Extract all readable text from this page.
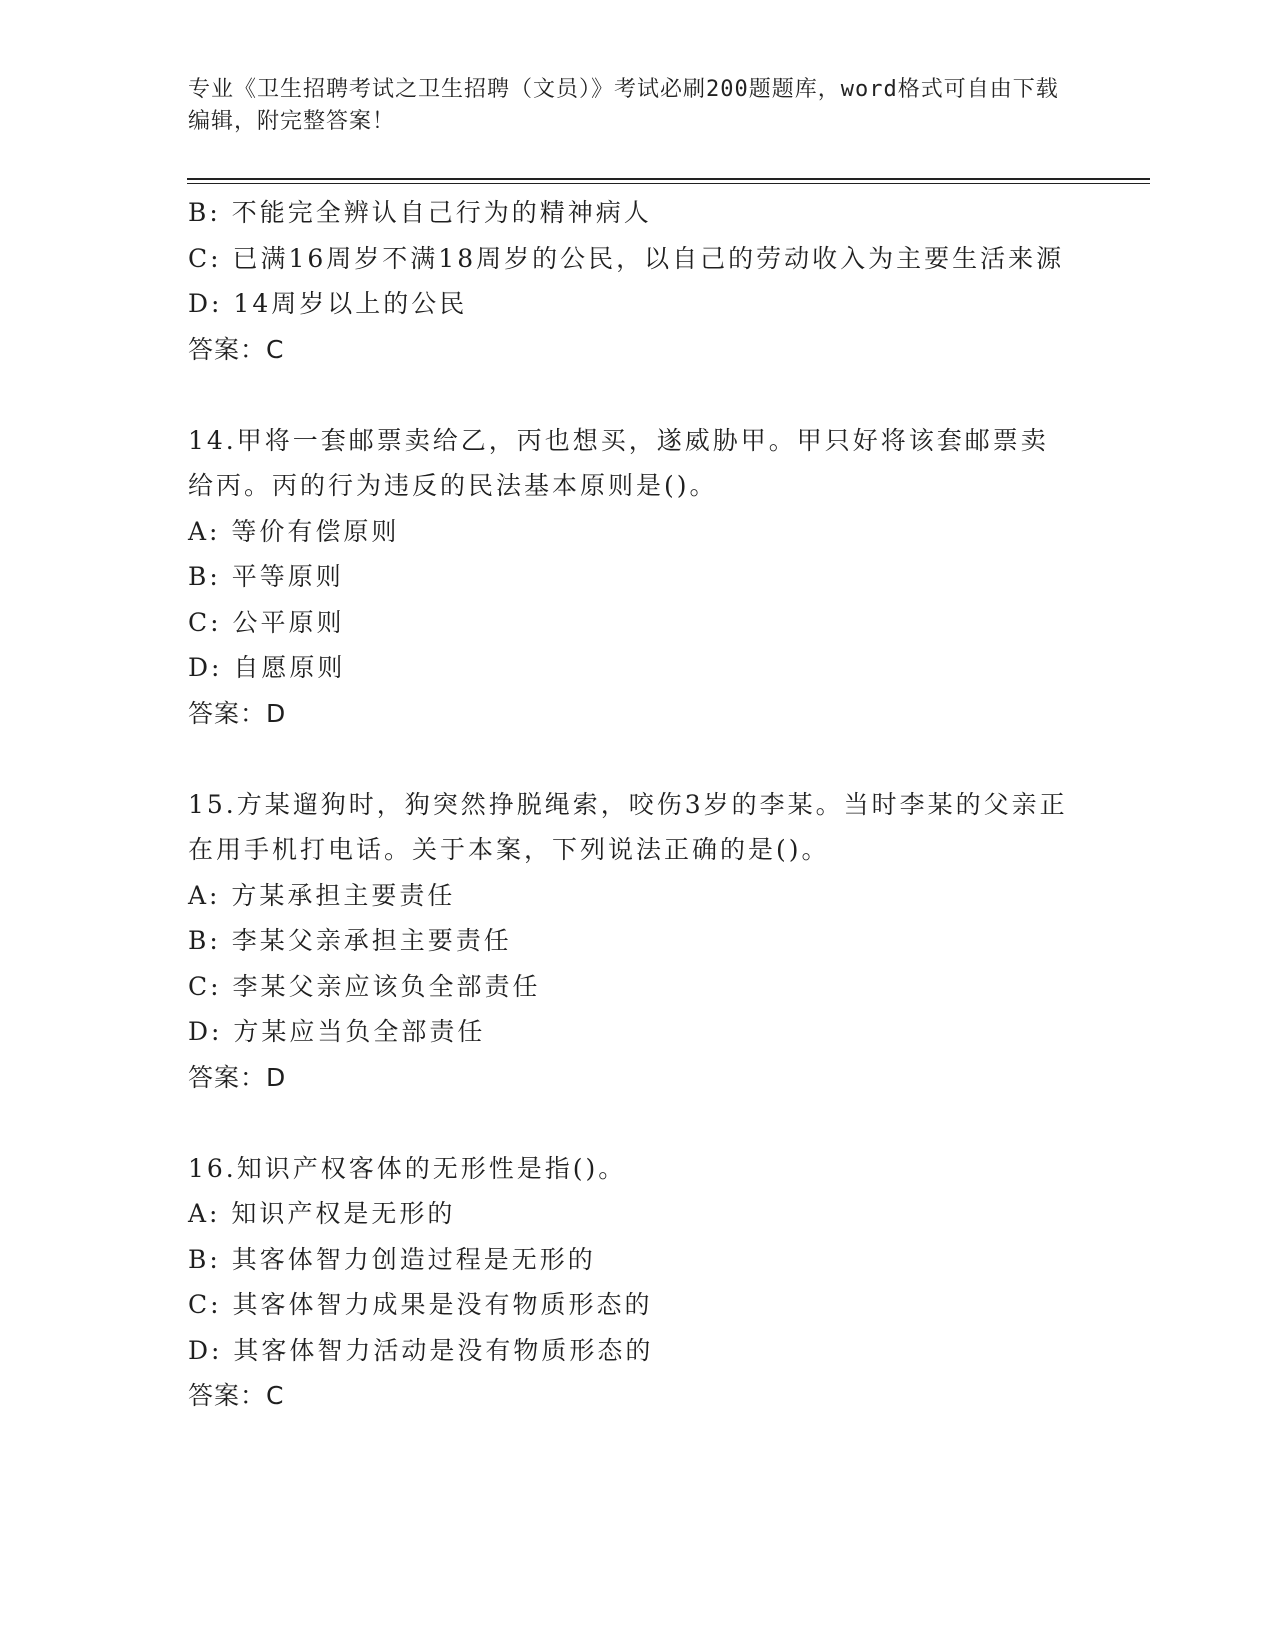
专业《卫生招聘考试之卫生招聘（文员）》考试必刷200题题库，word格式可自由下载编辑，附完整答案！
B: 不能完全辨认自己行为的精神病人
C: 已满16周岁不满18周岁的公民，以自己的劳动收入为主要生活来源
D: 14周岁以上的公民
答案：C
14.甲将一套邮票卖给乙，丙也想买，遂威胁甲。甲只好将该套邮票卖给丙。丙的行为违反的民法基本原则是()。
A: 等价有偿原则
B: 平等原则
C: 公平原则
D: 自愿原则
答案：D
15.方某遛狗时，狗突然挣脱绳索，咬伤3岁的李某。当时李某的父亲正在用手机打电话。关于本案，下列说法正确的是()。
A: 方某承担主要责任
B: 李某父亲承担主要责任
C: 李某父亲应该负全部责任
D: 方某应当负全部责任
答案：D
16.知识产权客体的无形性是指()。
A: 知识产权是无形的
B: 其客体智力创造过程是无形的
C: 其客体智力成果是没有物质形态的
D: 其客体智力活动是没有物质形态的
答案：C
